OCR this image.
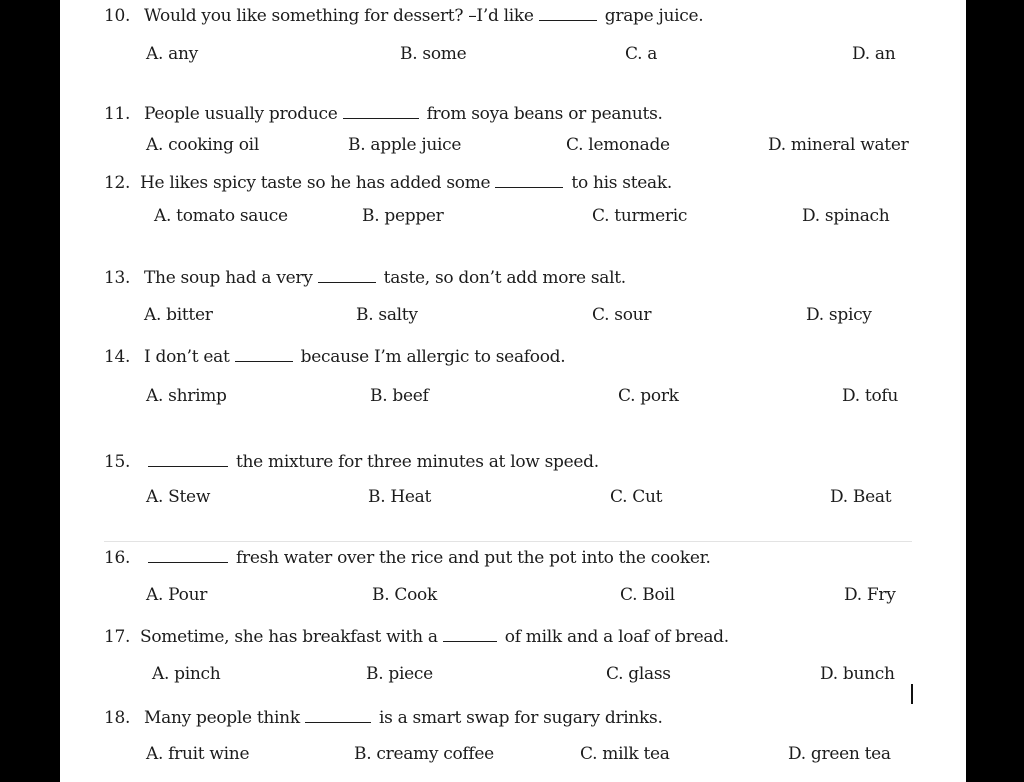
10. Would you like something for dessert? –I’d like	grape juice.
A. any	B. some	C. a	D. an
11. People usually produce	from soya beans or peanuts.
A. cooking oil	B. apple juice	C. lemonade	D. mineral water
12. He likes spicy taste so he has added some	to his steak.
A. tomato sauce	B. pepper	C. turmeric	D. spinach
13. The soup had a very	taste, so don’t add more salt.
A. bitter	B. salty	C. sour	D. spicy
14. I don’t eat	because I’m allergic to seafood.
A. shrimp	B. beef	C. pork	D. tofu
15.	the mixture for three minutes at low speed.
A. Stew	B. Heat	C. Cut	D. Beat
16.	fresh water over the rice and put the pot into the cooker.
A. Pour	B. Cook	C. Boil	D. Fry
17. Sometime, she has breakfast with a	of milk and a loaf of bread.
A. pinch	B. piece	C. glass	D. bunch
18. Many people think	is a smart swap for sugary drinks.
A. fruit wine	B. creamy coffee	C. milk tea	D. green tea
